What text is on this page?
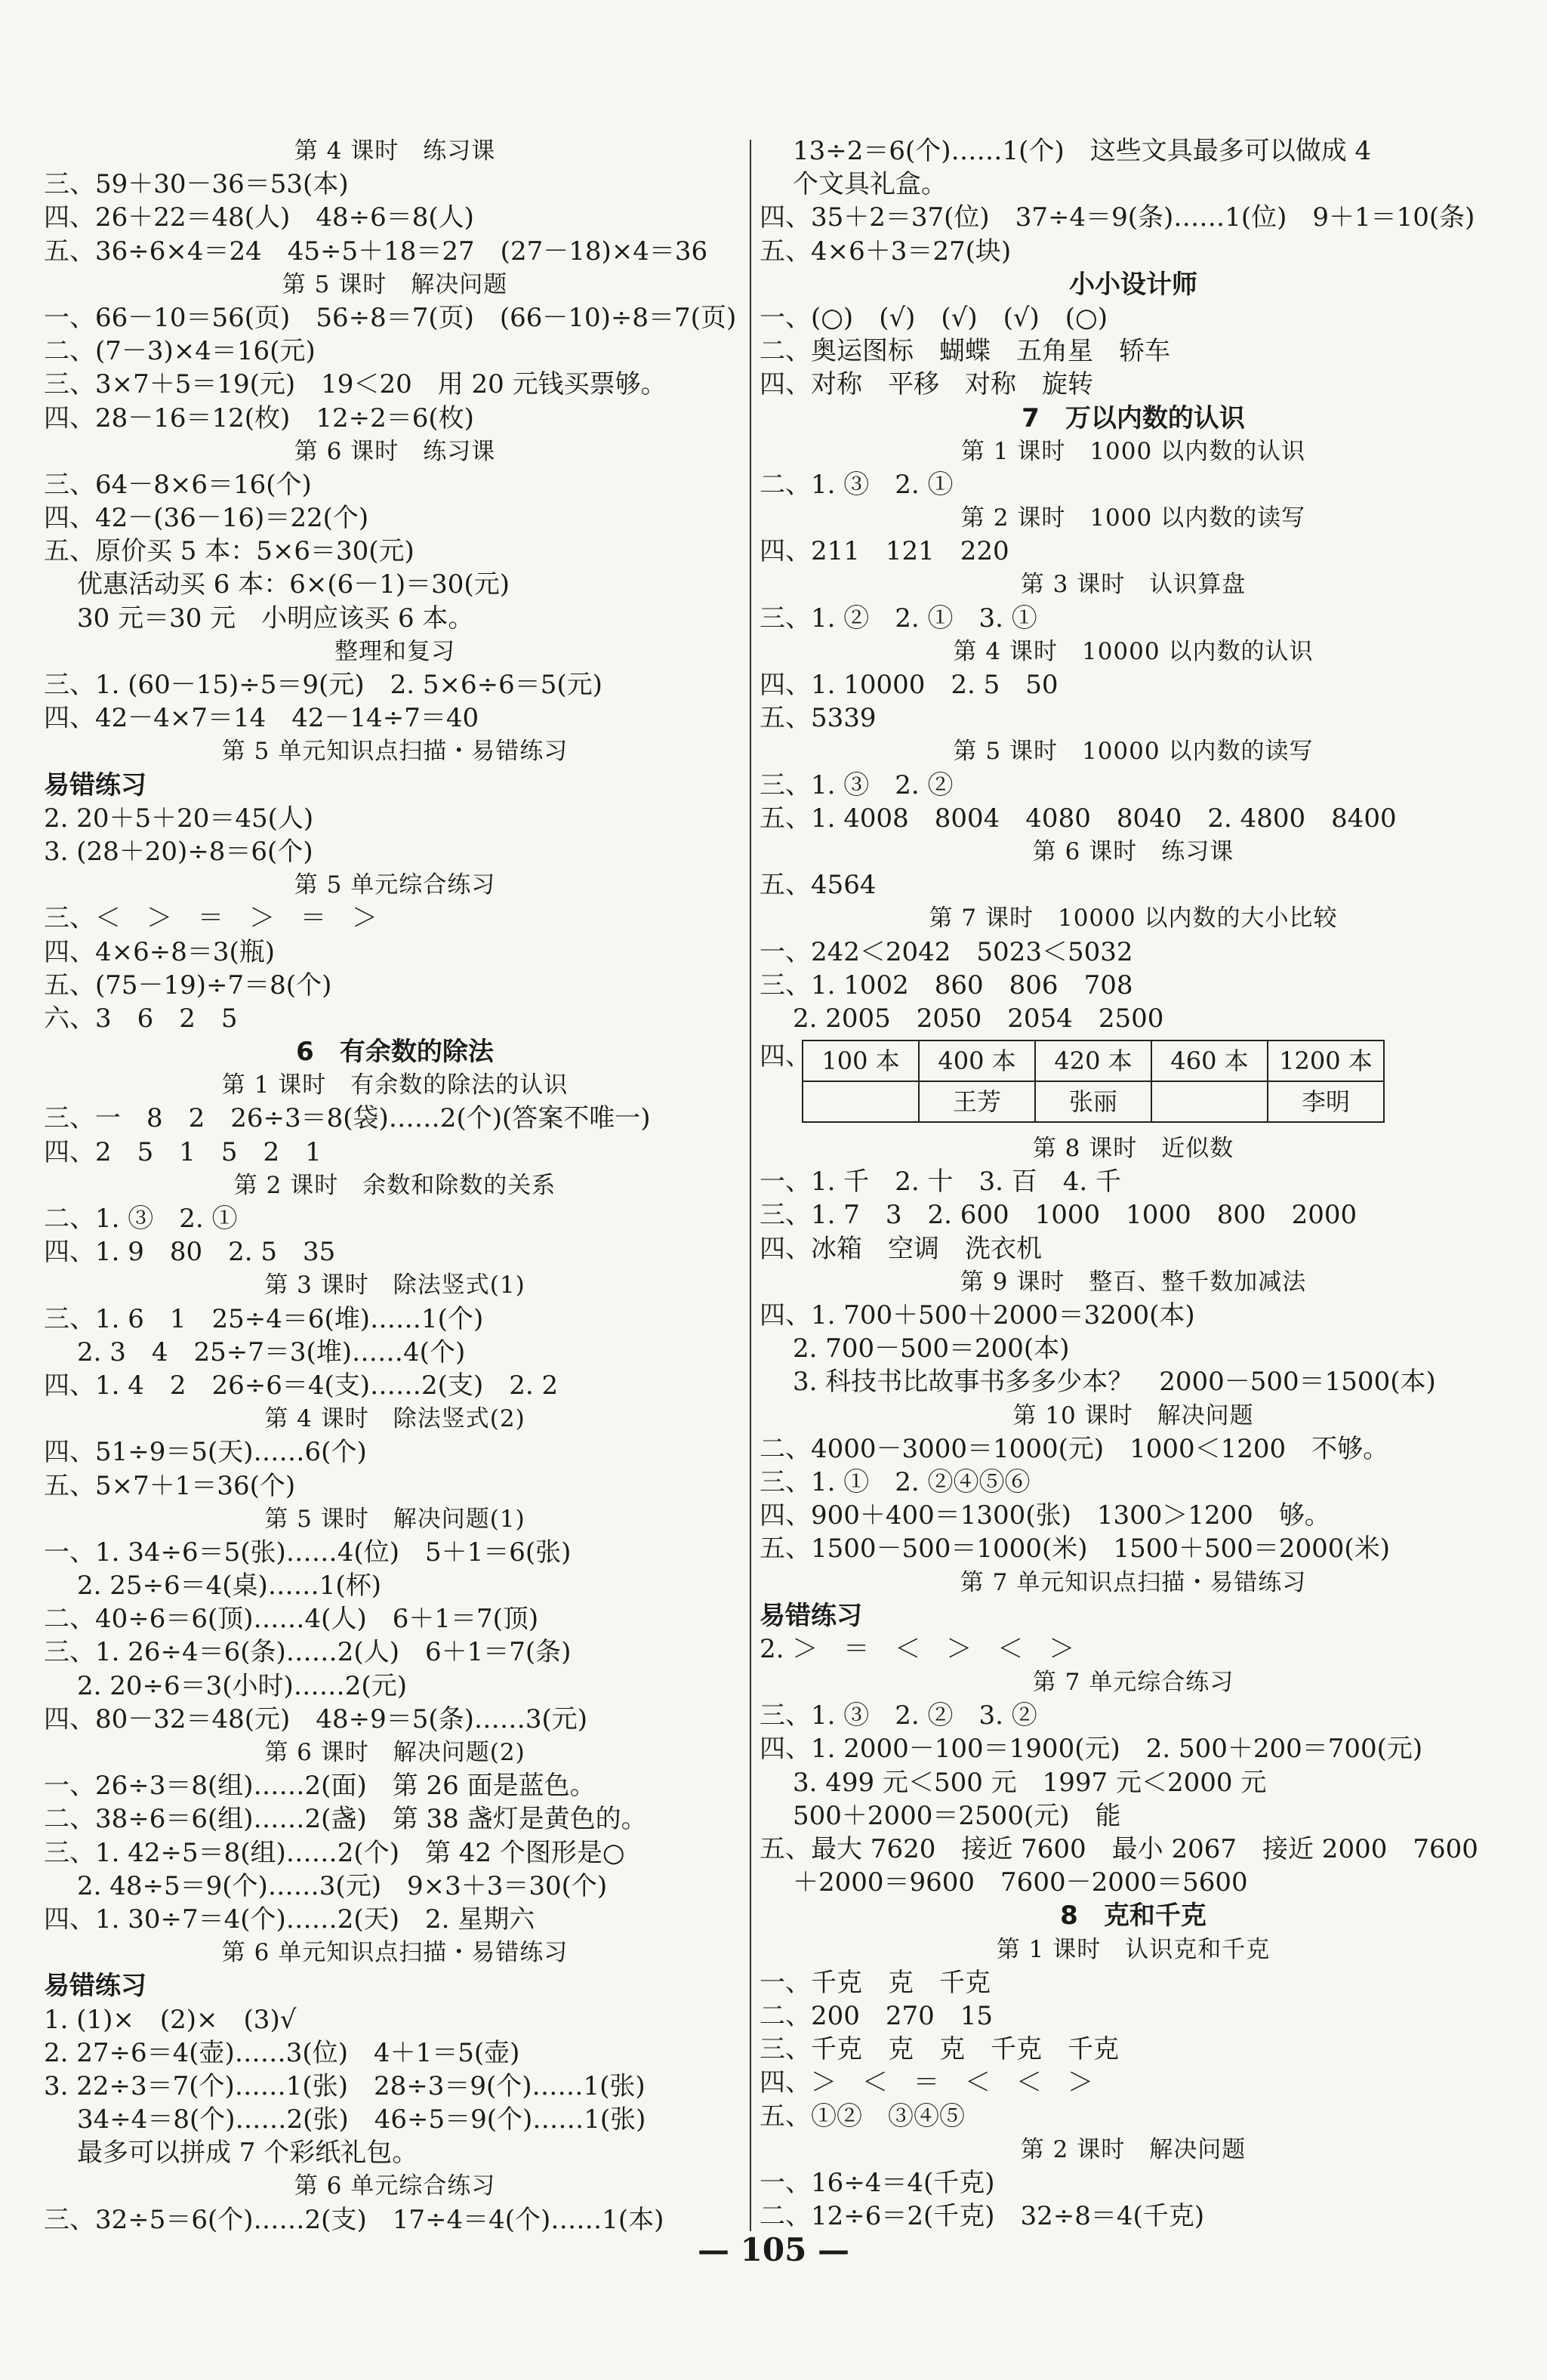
第 4 课时　练习课
三、59＋30－36＝53(本)
四、26＋22＝48(人)　48÷6＝8(人)
五、36÷6×4＝24　45÷5＋18＝27　(27－18)×4＝36
第 5 课时　解决问题
一、66－10＝56(页)　56÷8＝7(页)　(66－10)÷8＝7(页)
二、(7－3)×4＝16(元)
三、3×7＋5＝19(元)　19＜20　用 20 元钱买票够。
四、28－16＝12(枚)　12÷2＝6(枚)
第 6 课时　练习课
三、64－8×6＝16(个)
四、42－(36－16)＝22(个)
五、原价买 5 本：5×6＝30(元)
优惠活动买 6 本：6×(6－1)＝30(元)
30 元＝30 元　小明应该买 6 本。
整理和复习
三、1. (60－15)÷5＝9(元)　2. 5×6÷6＝5(元)
四、42－4×7＝14　42－14÷7＝40
第 5 单元知识点扫描・易错练习
易错练习
2. 20＋5＋20＝45(人)
3. (28＋20)÷8＝6(个)
第 5 单元综合练习
三、＜　＞　＝　＞　＝　＞
四、4×6÷8＝3(瓶)
五、(75－19)÷7＝8(个)
六、3　6　2　5
6　有余数的除法
第 1 课时　有余数的除法的认识
三、一　8　2　26÷3＝8(袋)……2(个)(答案不唯一)
四、2　5　1　5　2　1
第 2 课时　余数和除数的关系
二、1. ③　2. ①
四、1. 9　80　2. 5　35
第 3 课时　除法竖式(1)
三、1. 6　1　25÷4＝6(堆)……1(个)
2. 3　4　25÷7＝3(堆)……4(个)
四、1. 4　2　26÷6＝4(支)……2(支)　2. 2
第 4 课时　除法竖式(2)
四、51÷9＝5(天)……6(个)
五、5×7＋1＝36(个)
第 5 课时　解决问题(1)
一、1. 34÷6＝5(张)……4(位)　5＋1＝6(张)
2. 25÷6＝4(桌)……1(杯)
二、40÷6＝6(顶)……4(人)　6＋1＝7(顶)
三、1. 26÷4＝6(条)……2(人)　6＋1＝7(条)
2. 20÷6＝3(小时)……2(元)
四、80－32＝48(元)　48÷9＝5(条)……3(元)
第 6 课时　解决问题(2)
一、26÷3＝8(组)……2(面)　第 26 面是蓝色。
二、38÷6＝6(组)……2(盏)　第 38 盏灯是黄色的。
三、1. 42÷5＝8(组)……2(个)　第 42 个图形是○
2. 48÷5＝9(个)……3(元)　9×3＋3＝30(个)
四、1. 30÷7＝4(个)……2(天)　2. 星期六
第 6 单元知识点扫描・易错练习
易错练习
1. (1)×　(2)×　(3)√
2. 27÷6＝4(壶)……3(位)　4＋1＝5(壶)
3. 22÷3＝7(个)……1(张)　28÷3＝9(个)……1(张)
34÷4＝8(个)……2(张)　46÷5＝9(个)……1(张)
最多可以拼成 7 个彩纸礼包。
第 6 单元综合练习
三、32÷5＝6(个)……2(支)　17÷4＝4(个)……1(本)
13÷2＝6(个)……1(个)　这些文具最多可以做成 4
个文具礼盒。
四、35＋2＝37(位)　37÷4＝9(条)……1(位)　9＋1＝10(条)
五、4×6＋3＝27(块)
小小设计师
一、(○)　(√)　(√)　(√)　(○)
二、奥运图标　蝴蝶　五角星　轿车
四、对称　平移　对称　旋转
7　万以内数的认识
第 1 课时　1000 以内数的认识
二、1. ③　2. ①
第 2 课时　1000 以内数的读写
四、211　121　220
第 3 课时　认识算盘
三、1. ②　2. ①　3. ①
第 4 课时　10000 以内数的认识
四、1. 10000　2. 5　50
五、5339
第 5 课时　10000 以内数的读写
三、1. ③　2. ②
五、1. 4008　8004　4080　8040　2. 4800　8400
第 6 课时　练习课
五、4564
第 7 课时　10000 以内数的大小比较
一、242＜2042　5023＜5032
三、1. 1002　860　806　708
2. 2005　2050　2054　2500
四、 100 本	400 本	420 本	460 本	1200 本
	王芳	张丽		李明
第 8 课时　近似数
一、1. 千　2. 十　3. 百　4. 千
三、1. 7　3　2. 600　1000　1000　800　2000
四、冰箱　空调　洗衣机
第 9 课时　整百、整千数加减法
四、1. 700＋500＋2000＝3200(本)
2. 700－500＝200(本)
3. 科技书比故事书多多少本？　2000－500＝1500(本)
第 10 课时　解决问题
二、4000－3000＝1000(元)　1000＜1200　不够。
三、1. ①　2. ②④⑤⑥
四、900＋400＝1300(张)　1300＞1200　够。
五、1500－500＝1000(米)　1500＋500＝2000(米)
第 7 单元知识点扫描・易错练习
易错练习
2. ＞　＝　＜　＞　＜　＞
第 7 单元综合练习
三、1. ③　2. ②　3. ②
四、1. 2000－100＝1900(元)　2. 500＋200＝700(元)
3. 499 元＜500 元　1997 元＜2000 元
500＋2000＝2500(元)　能
五、最大 7620　接近 7600　最小 2067　接近 2000　7600
＋2000＝9600　7600－2000＝5600
8　克和千克
第 1 课时　认识克和千克
一、千克　克　千克
二、200　270　15
三、千克　克　克　千克　千克
四、＞　＜　＝　＜　＜　＞
五、①②　③④⑤
第 2 课时　解决问题
一、16÷4＝4(千克)
二、12÷6＝2(千克)　32÷8＝4(千克)
— 105 —
